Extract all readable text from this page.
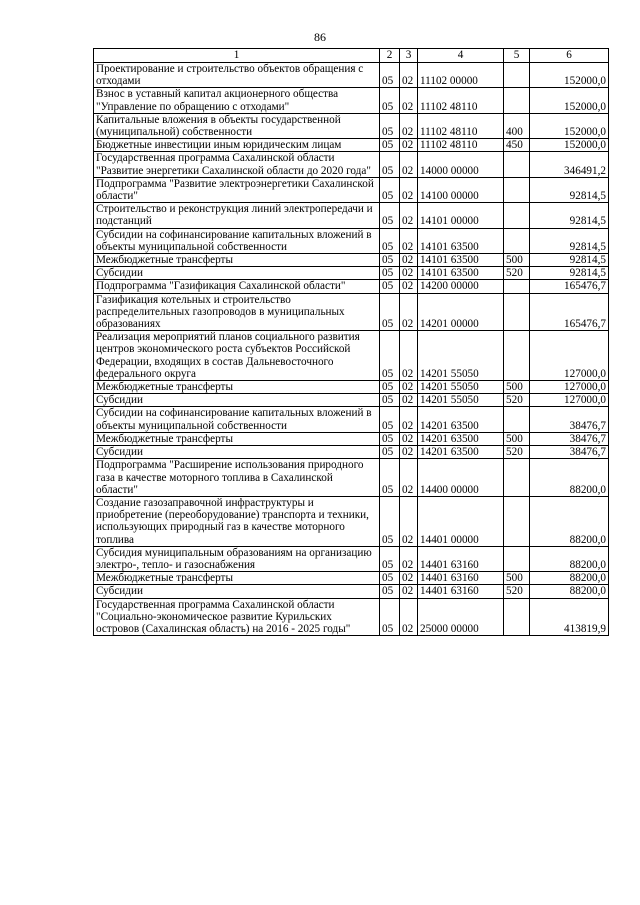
86
1	2	3	4	5	6
Проектирование и строительство объектов обращения с отходами	05	02	11102 00000		152000,0
Взнос в уставный капитал акционерного общества "Управление по обращению с отходами"	05	02	11102 48110		152000,0
Капитальные вложения в объекты государственной (муниципальной) собственности	05	02	11102 48110	400	152000,0
Бюджетные инвестиции иным юридическим лицам	05	02	11102 48110	450	152000,0
Государственная программа Сахалинской области "Развитие энергетики Сахалинской области до 2020 года"	05	02	14000 00000		346491,2
Подпрограмма "Развитие электроэнергетики Сахалинской области"	05	02	14100 00000		92814,5
Строительство и реконструкция линий электропередачи и подстанций	05	02	14101 00000		92814,5
Субсидии на софинансирование капитальных вложений в объекты муниципальной собственности	05	02	14101 63500		92814,5
Межбюджетные трансферты	05	02	14101 63500	500	92814,5
Субсидии	05	02	14101 63500	520	92814,5
Подпрограмма "Газификация Сахалинской области"	05	02	14200 00000		165476,7
Газификация котельных и строительство распределительных газопроводов в муниципальных образованиях	05	02	14201 00000		165476,7
Реализация мероприятий планов социального развития центров экономического роста субъектов Российской Федерации, входящих в состав Дальневосточного федерального округа	05	02	14201 55050		127000,0
Межбюджетные трансферты	05	02	14201 55050	500	127000,0
Субсидии	05	02	14201 55050	520	127000,0
Субсидии на софинансирование капитальных вложений в объекты муниципальной собственности	05	02	14201 63500		38476,7
Межбюджетные трансферты	05	02	14201 63500	500	38476,7
Субсидии	05	02	14201 63500	520	38476,7
Подпрограмма "Расширение использования природного газа в качестве моторного топлива в Сахалинской области"	05	02	14400 00000		88200,0
Создание газозаправочной инфраструктуры и приобретение (переоборудование) транспорта и техники, использующих природный газ в качестве моторного топлива	05	02	14401 00000		88200,0
Субсидия муниципальным образованиям на организацию электро-, тепло- и газоснабжения	05	02	14401 63160		88200,0
Межбюджетные трансферты	05	02	14401 63160	500	88200,0
Субсидии	05	02	14401 63160	520	88200,0
Государственная программа Сахалинской области "Социально-экономическое развитие Курильских островов (Сахалинская область) на 2016 - 2025 годы"	05	02	25000 00000		413819,9
